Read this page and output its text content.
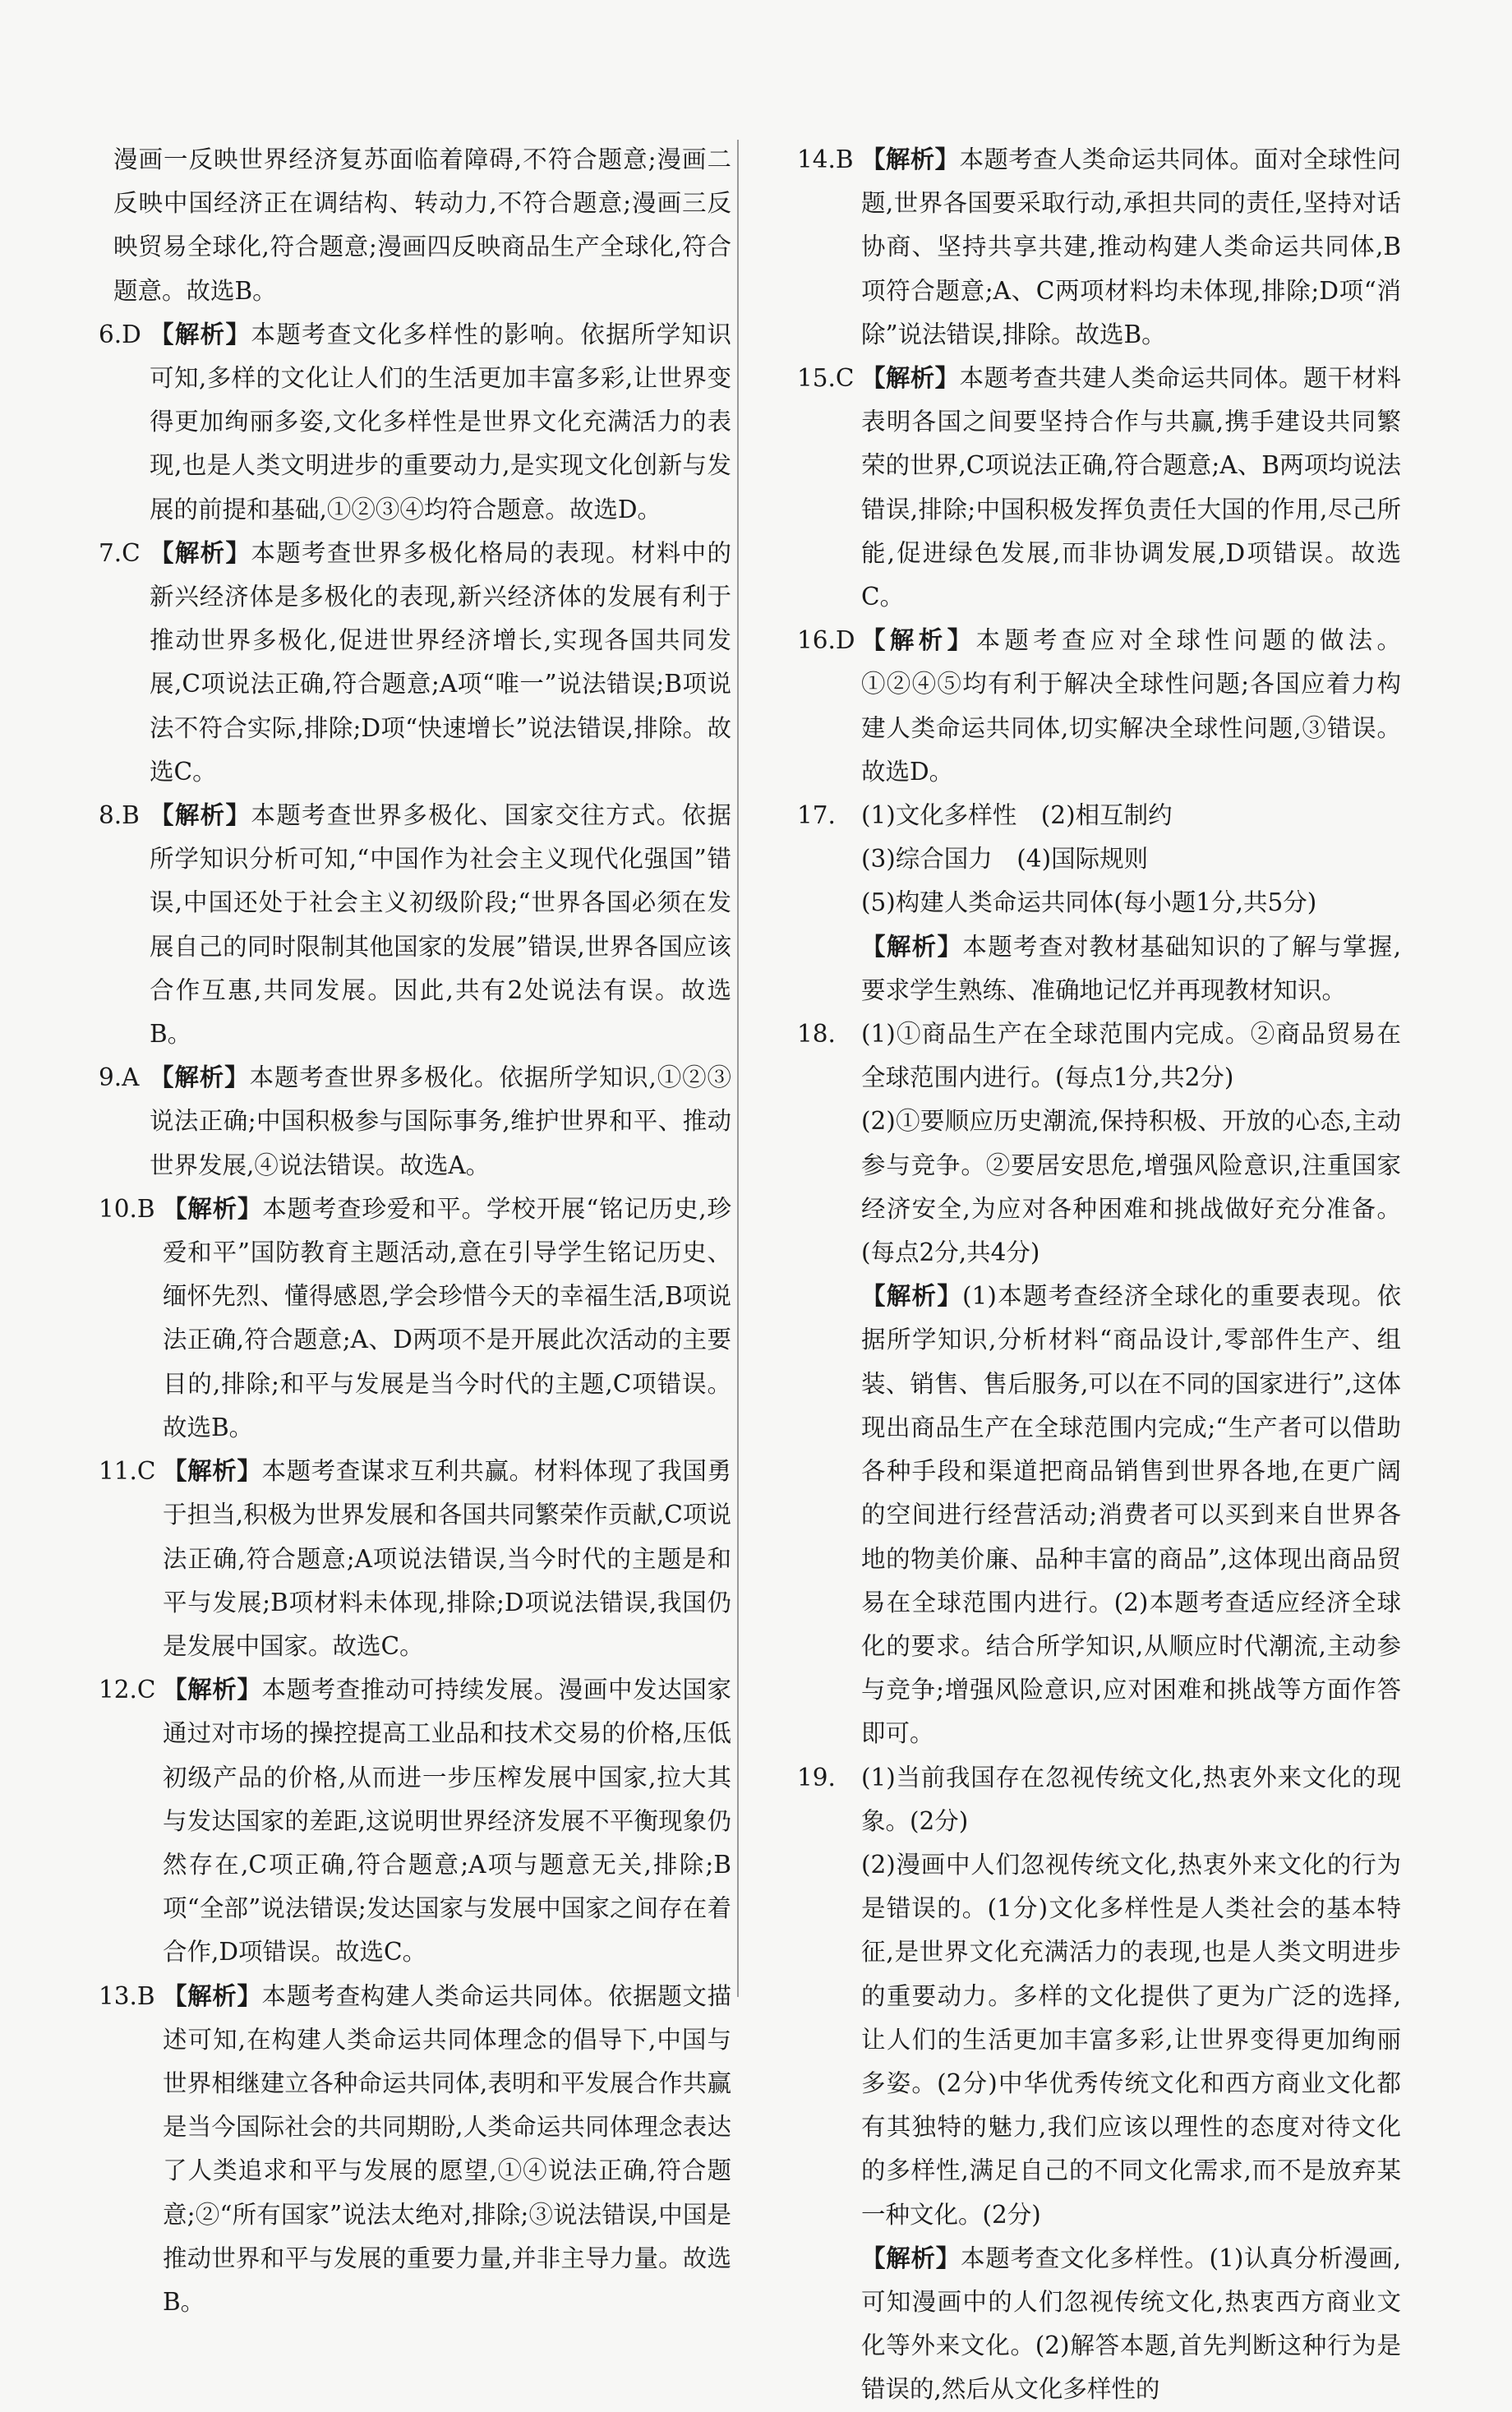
漫画一反映世界经济复苏面临着障碍,不符合题意;漫画二反映中国经济正在调结构、转动力,不符合题意;漫画三反映贸易全球化,符合题意;漫画四反映商品生产全球化,符合题意。故选B。
6.D 【解析】本题考查文化多样性的影响。依据所学知识可知,多样的文化让人们的生活更加丰富多彩,让世界变得更加绚丽多姿,文化多样性是世界文化充满活力的表现,也是人类文明进步的重要动力,是实现文化创新与发展的前提和基础,①②③④均符合题意。故选D。
7.C 【解析】本题考查世界多极化格局的表现。材料中的新兴经济体是多极化的表现,新兴经济体的发展有利于推动世界多极化,促进世界经济增长,实现各国共同发展,C项说法正确,符合题意;A项“唯一”说法错误;B项说法不符合实际,排除;D项“快速增长”说法错误,排除。故选C。
8.B 【解析】本题考查世界多极化、国家交往方式。依据所学知识分析可知,“中国作为社会主义现代化强国”错误,中国还处于社会主义初级阶段;“世界各国必须在发展自己的同时限制其他国家的发展”错误,世界各国应该合作互惠,共同发展。因此,共有2处说法有误。故选B。
9.A 【解析】本题考查世界多极化。依据所学知识,①②③说法正确;中国积极参与国际事务,维护世界和平、推动世界发展,④说法错误。故选A。
10.B 【解析】本题考查珍爱和平。学校开展“铭记历史,珍爱和平”国防教育主题活动,意在引导学生铭记历史、缅怀先烈、懂得感恩,学会珍惜今天的幸福生活,B项说法正确,符合题意;A、D两项不是开展此次活动的主要目的,排除;和平与发展是当今时代的主题,C项错误。故选B。
11.C 【解析】本题考查谋求互利共赢。材料体现了我国勇于担当,积极为世界发展和各国共同繁荣作贡献,C项说法正确,符合题意;A项说法错误,当今时代的主题是和平与发展;B项材料未体现,排除;D项说法错误,我国仍是发展中国家。故选C。
12.C 【解析】本题考查推动可持续发展。漫画中发达国家通过对市场的操控提高工业品和技术交易的价格,压低初级产品的价格,从而进一步压榨发展中国家,拉大其与发达国家的差距,这说明世界经济发展不平衡现象仍然存在,C项正确,符合题意;A项与题意无关,排除;B项“全部”说法错误;发达国家与发展中国家之间存在着合作,D项错误。故选C。
13.B 【解析】本题考查构建人类命运共同体。依据题文描述可知,在构建人类命运共同体理念的倡导下,中国与世界相继建立各种命运共同体,表明和平发展合作共赢是当今国际社会的共同期盼,人类命运共同体理念表达了人类追求和平与发展的愿望,①④说法正确,符合题意;②“所有国家”说法太绝对,排除;③说法错误,中国是推动世界和平与发展的重要力量,并非主导力量。故选B。
14.B 【解析】本题考查人类命运共同体。面对全球性问题,世界各国要采取行动,承担共同的责任,坚持对话协商、坚持共享共建,推动构建人类命运共同体,B项符合题意;A、C两项材料均未体现,排除;D项“消除”说法错误,排除。故选B。
15.C 【解析】本题考查共建人类命运共同体。题干材料表明各国之间要坚持合作与共赢,携手建设共同繁荣的世界,C项说法正确,符合题意;A、B两项均说法错误,排除;中国积极发挥负责任大国的作用,尽己所能,促进绿色发展,而非协调发展,D项错误。故选C。
16.D 【解析】本题考查应对全球性问题的做法。①②④⑤均有利于解决全球性问题;各国应着力构建人类命运共同体,切实解决全球性问题,③错误。故选D。
17.	(1)文化多样性　(2)相互制约
(3)综合国力　(4)国际规则
(5)构建人类命运共同体(每小题1分,共5分)
【解析】本题考查对教材基础知识的了解与掌握,要求学生熟练、准确地记忆并再现教材知识。
18.	(1)①商品生产在全球范围内完成。②商品贸易在全球范围内进行。(每点1分,共2分)
(2)①要顺应历史潮流,保持积极、开放的心态,主动参与竞争。②要居安思危,增强风险意识,注重国家经济安全,为应对各种困难和挑战做好充分准备。(每点2分,共4分)
【解析】(1)本题考查经济全球化的重要表现。依据所学知识,分析材料“商品设计,零部件生产、组装、销售、售后服务,可以在不同的国家进行”,这体现出商品生产在全球范围内完成;“生产者可以借助各种手段和渠道把商品销售到世界各地,在更广阔的空间进行经营活动;消费者可以买到来自世界各地的物美价廉、品种丰富的商品”,这体现出商品贸易在全球范围内进行。(2)本题考查适应经济全球化的要求。结合所学知识,从顺应时代潮流,主动参与竞争;增强风险意识,应对困难和挑战等方面作答即可。
19.	(1)当前我国存在忽视传统文化,热衷外来文化的现象。(2分)
(2)漫画中人们忽视传统文化,热衷外来文化的行为是错误的。(1分)文化多样性是人类社会的基本特征,是世界文化充满活力的表现,也是人类文明进步的重要动力。多样的文化提供了更为广泛的选择,让人们的生活更加丰富多彩,让世界变得更加绚丽多姿。(2分)中华优秀传统文化和西方商业文化都有其独特的魅力,我们应该以理性的态度对待文化的多样性,满足自己的不同文化需求,而不是放弃某一种文化。(2分)
【解析】本题考查文化多样性。(1)认真分析漫画,可知漫画中的人们忽视传统文化,热衷西方商业文化等外来文化。(2)解答本题,首先判断这种行为是错误的,然后从文化多样性的
